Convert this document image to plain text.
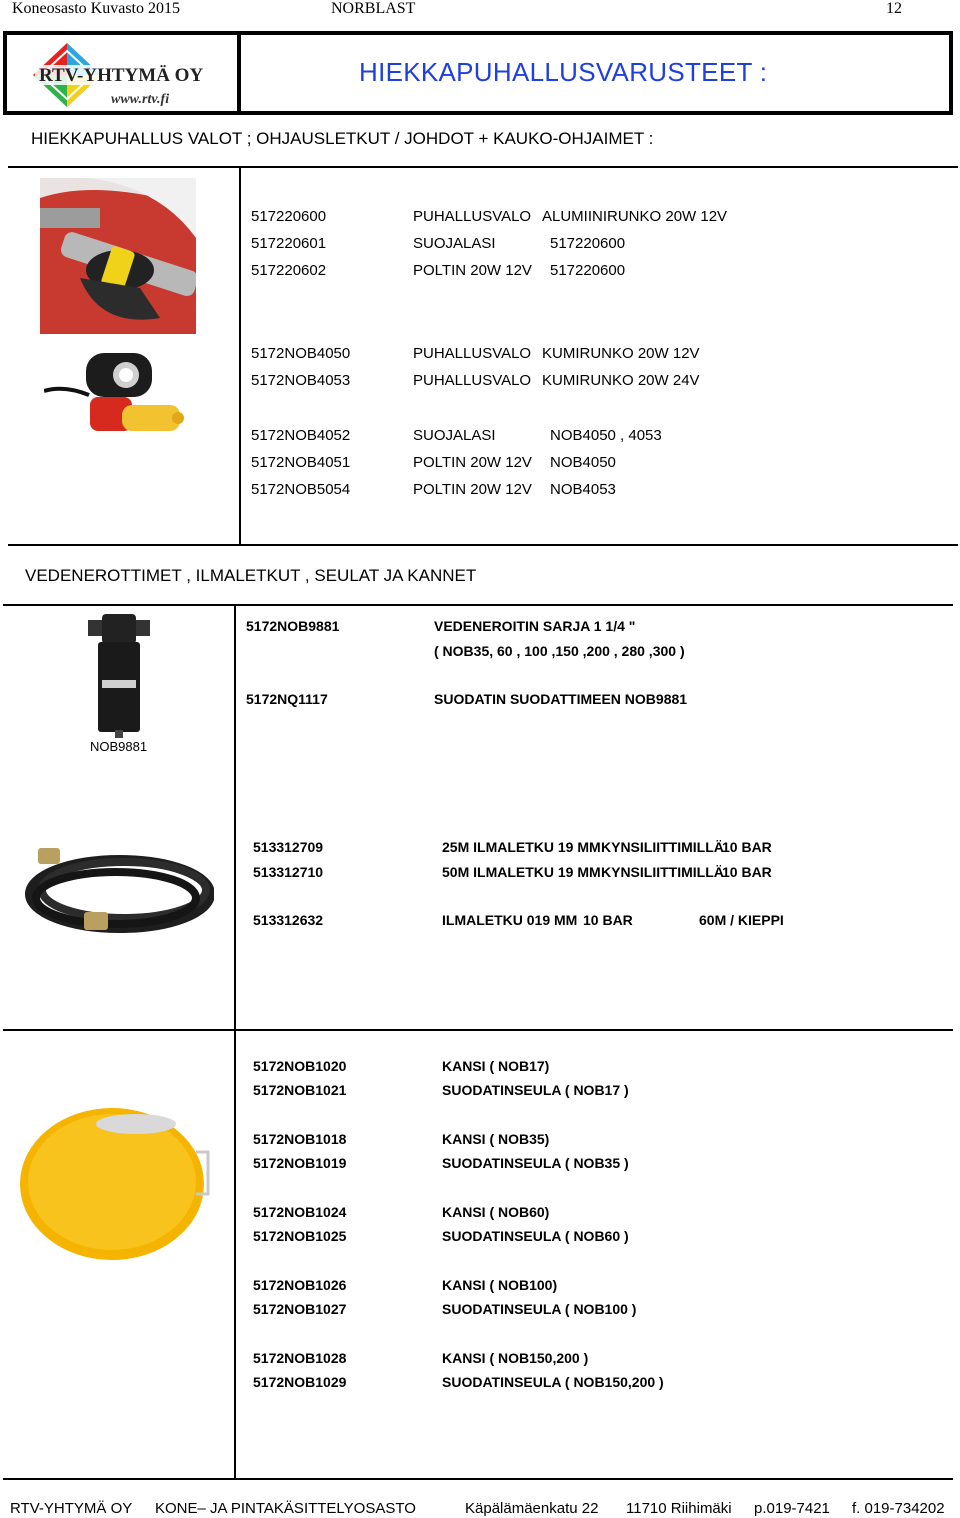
Koneosasto Kuvasto 2015	NORBLAST	12
RTV-YHTYMÄ OY
www.rtv.fi
HIEKKAPUHALLUSVARUSTEET :
HIEKKAPUHALLUS VALOT ; OHJAUSLETKUT / JOHDOT + KAUKO-OHJAIMET :
517220600	PUHALLUSVALO ALUMIINIRUNKO 20W 12V
517220601	SUOJALASI	517220600
517220602	POLTIN 20W 12V 517220600
5172NOB4050	PUHALLUSVALO KUMIRUNKO 20W 12V
5172NOB4053	PUHALLUSVALO KUMIRUNKO 20W 24V
5172NOB4052	SUOJALASI	NOB4050 , 4053
5172NOB4051	POLTIN 20W 12V NOB4050
5172NOB5054	POLTIN 20W 12V NOB4053
VEDENEROTTIMET , ILMALETKUT , SEULAT JA KANNET
NOB9881
5172NOB9881	VEDENEROITIN SARJA 1 1/4 "
( NOB35, 60 , 100 ,150 ,200 , 280 ,300 )
5172NQ1117	SUODATIN SUODATTIMEEN NOB9881
513312709	25M ILMALETKU 19 MM KYNSILIITTIMILLÄ
10 BAR
513312710	50M ILMALETKU 19 MM KYNSILIITTIMILLÄ
10 BAR
513312632	ILMALETKU 019 MM 10 BAR	60M / KIEPPI
5172NOB1020	KANSI ( NOB17)
5172NOB1021	SUODATINSEULA ( NOB17 )
5172NOB1018	KANSI ( NOB35)
5172NOB1019	SUODATINSEULA ( NOB35 )
5172NOB1024	KANSI ( NOB60)
5172NOB1025	SUODATINSEULA ( NOB60 )
5172NOB1026	KANSI ( NOB100)
5172NOB1027	SUODATINSEULA ( NOB100 )
5172NOB1028	KANSI ( NOB150,200 )
5172NOB1029	SUODATINSEULA ( NOB150,200 )
RTV-YHTYMÄ OY KONE– JA PINTAKÄSITTELYOSASTO	Käpälämäenkatu 22 11710 Riihimäki p.019-7421 f. 019-734202
